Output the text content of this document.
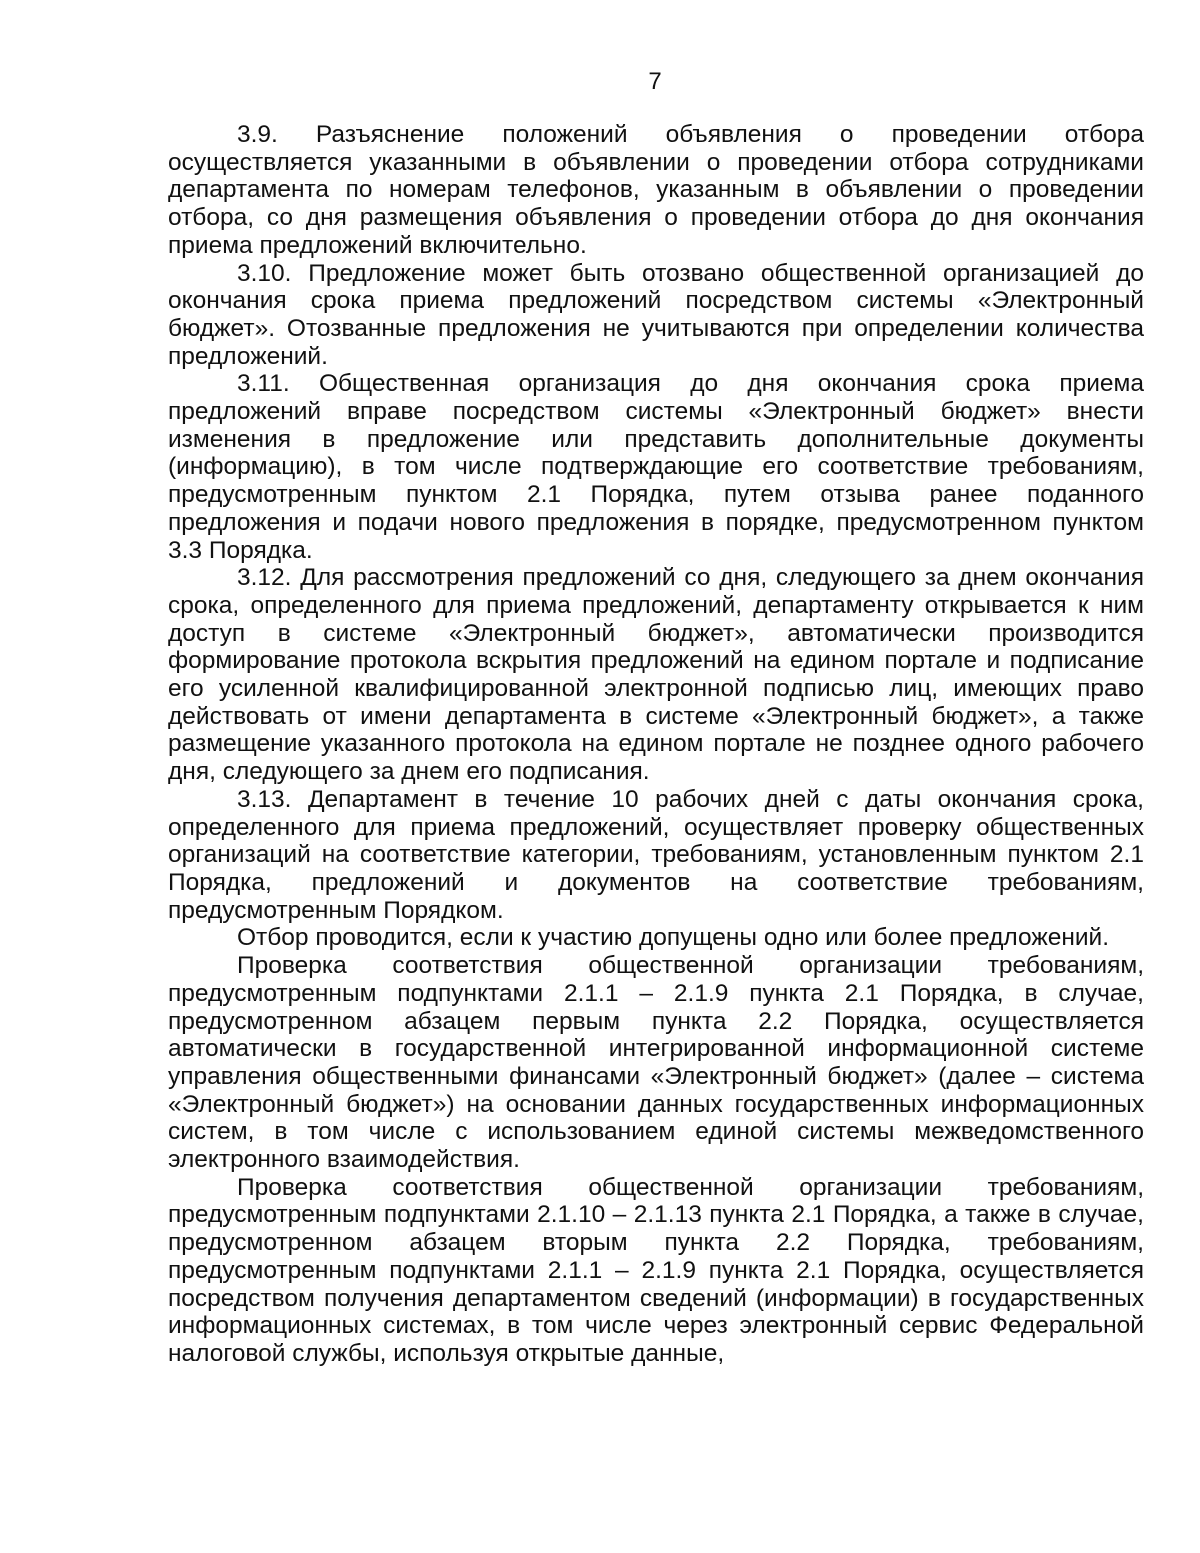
7

3.9. Разъяснение положений объявления о проведении отбора осуществляется указанными в объявлении о проведении отбора сотрудниками департамента по номерам телефонов, указанным в объявлении о проведении отбора, со дня размещения объявления о проведении отбора до дня окончания приема предложений включительно.

3.10. Предложение может быть отозвано общественной организацией до окончания срока приема предложений посредством системы «Электронный бюджет». Отозванные предложения не учитываются при определении количества предложений.

3.11. Общественная организация до дня окончания срока приема предложений вправе посредством системы «Электронный бюджет» внести изменения в предложение или представить дополнительные документы (информацию), в том числе подтверждающие его соответствие требованиям, предусмотренным пунктом 2.1 Порядка, путем отзыва ранее поданного предложения и подачи нового предложения в порядке, предусмотренном пунктом 3.3 Порядка.

3.12. Для рассмотрения предложений со дня, следующего за днем окончания срока, определенного для приема предложений, департаменту открывается к ним доступ в системе «Электронный бюджет», автоматически производится формирование протокола вскрытия предложений на едином портале и подписание его усиленной квалифицированной электронной подписью лиц, имеющих право действовать от имени департамента в системе «Электронный бюджет», а также размещение указанного протокола на едином портале не позднее одного рабочего дня, следующего за днем его подписания.

3.13. Департамент в течение 10 рабочих дней с даты окончания срока, определенного для приема предложений, осуществляет проверку общественных организаций на соответствие категории, требованиям, установленным пунктом 2.1 Порядка, предложений и документов на соответствие требованиям, предусмотренным Порядком.

Отбор проводится, если к участию допущены одно или более предложений.

Проверка соответствия общественной организации требованиям, предусмотренным подпунктами 2.1.1 – 2.1.9 пункта 2.1 Порядка, в случае, предусмотренном абзацем первым пункта 2.2 Порядка, осуществляется автоматически в государственной интегрированной информационной системе управления общественными финансами «Электронный бюджет» (далее – система «Электронный бюджет») на основании данных государственных информационных систем, в том числе с использованием единой системы межведомственного электронного взаимодействия.

Проверка соответствия общественной организации требованиям, предусмотренным подпунктами 2.1.10 – 2.1.13 пункта 2.1 Порядка, а также в случае, предусмотренном абзацем вторым пункта 2.2 Порядка, требованиям, предусмотренным подпунктами 2.1.1 – 2.1.9 пункта 2.1 Порядка, осуществляется посредством получения департаментом сведений (информации) в государственных информационных системах, в том числе через электронный сервис Федеральной налоговой службы, используя открытые данные,
